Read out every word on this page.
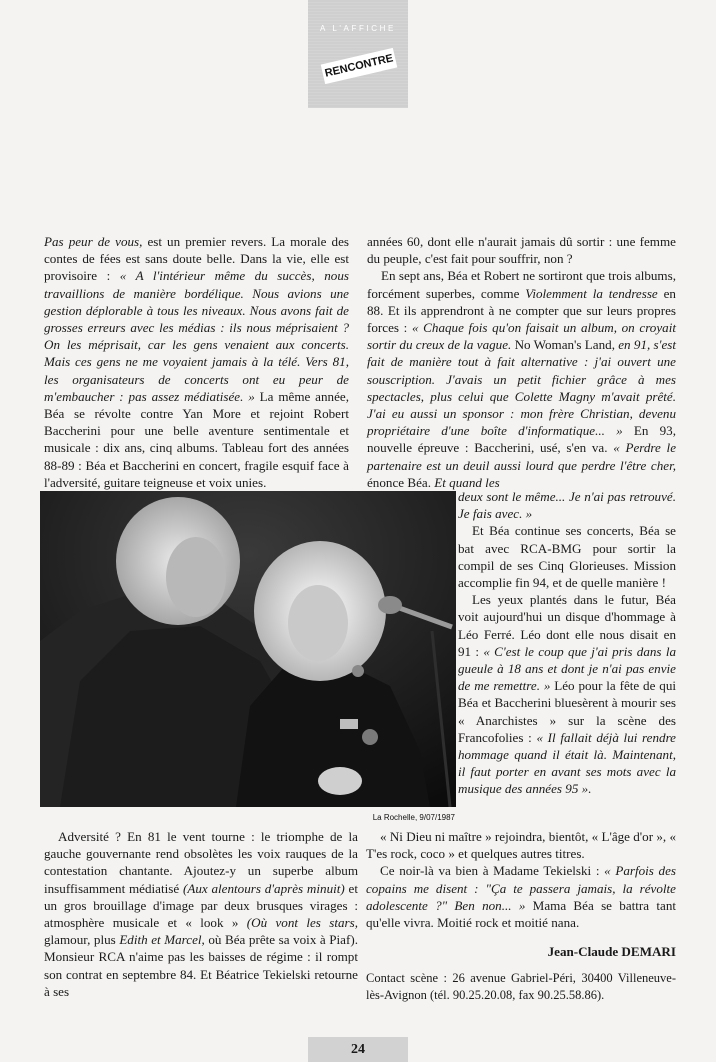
A L'AFFICHE
RENCONTRE

Pas peur de vous, est un premier revers. La morale des contes de fées est sans doute belle. Dans la vie, elle est provisoire : « A l'intérieur même du succès, nous travaillions de manière bordélique. Nous avions une gestion déplorable à tous les niveaux. Nous avons fait de grosses erreurs avec les médias : ils nous méprisaient ? On les méprisait, car les gens venaient aux concerts. Mais ces gens ne me voyaient jamais à la télé. Vers 81, les organisateurs de concerts ont eu peur de m'embaucher : pas assez médiatisée. » La même année, Béa se révolte contre Yan More et rejoint Robert Baccherini pour une belle aventure sentimentale et musicale : dix ans, cinq albums. Tableau fort des années 88-89 : Béa et Baccherini en concert, fragile esquif face à l'adversité, guitare teigneuse et voix unies.

années 60, dont elle n'aurait jamais dû sortir : une femme du peuple, c'est fait pour souffrir, non ?

En sept ans, Béa et Robert ne sortiront que trois albums, forcément superbes, comme Violemment la tendresse en 88. Et ils apprendront à ne compter que sur leurs propres forces : « Chaque fois qu'on faisait un album, on croyait sortir du creux de la vague. No Woman's Land, en 91, s'est fait de manière tout à fait alternative : j'ai ouvert une souscription. J'avais un petit fichier grâce à mes spectacles, plus celui que Colette Magny m'avait prêté. J'ai eu aussi un sponsor : mon frère Christian, devenu propriétaire d'une boîte d'informatique... » En 93, nouvelle épreuve : Baccherini, usé, s'en va. « Perdre le partenaire est un deuil aussi lourd que perdre l'être cher, énonce Béa. Et quand les

La Rochelle, 9/07/1987

deux sont le même... Je n'ai pas retrouvé. Je fais avec. »

Et Béa continue ses concerts, Béa se bat avec RCA-BMG pour sortir la compil de ses Cinq Glorieuses. Mission accomplie fin 94, et de quelle manière !

Les yeux plantés dans le futur, Béa voit aujourd'hui un disque d'hommage à Léo Ferré. Léo dont elle nous disait en 91 : « C'est le coup que j'ai pris dans la gueule à 18 ans et dont je n'ai pas envie de me remettre. » Léo pour la fête de qui Béa et Baccherini bluesèrent à mourir ses « Anarchistes » sur la scène des Francofolies : « Il fallait déjà lui rendre hommage quand il était là. Maintenant, il faut porter en avant ses mots avec la musique des années 95 ».

Adversité ? En 81 le vent tourne : le triomphe de la gauche gouvernante rend obsolètes les voix rauques de la contestation chantante. Ajoutez-y un superbe album insuffisamment médiatisé (Aux alentours d'après minuit) et un gros brouillage d'image par deux brusques virages : atmosphère musicale et « look » (Où vont les stars, glamour, plus Edith et Marcel, où Béa prête sa voix à Piaf). Monsieur RCA n'aime pas les baisses de régime : il rompt son contrat en septembre 84. Et Béatrice Tekielski retourne à ses

« Ni Dieu ni maître » rejoindra, bientôt, « L'âge d'or », « T'es rock, coco » et quelques autres titres.

Ce noir-là va bien à Madame Tekielski : « Parfois des copains me disent : "Ça te passera jamais, la révolte adolescente ?" Ben non... » Mama Béa se battra tant qu'elle vivra. Moitié rock et moitié nana.

Jean-Claude DEMARI

Contact scène : 26 avenue Gabriel-Péri, 30400 Villeneuve-lès-Avignon (tél. 90.25.20.08, fax 90.25.58.86).

24
